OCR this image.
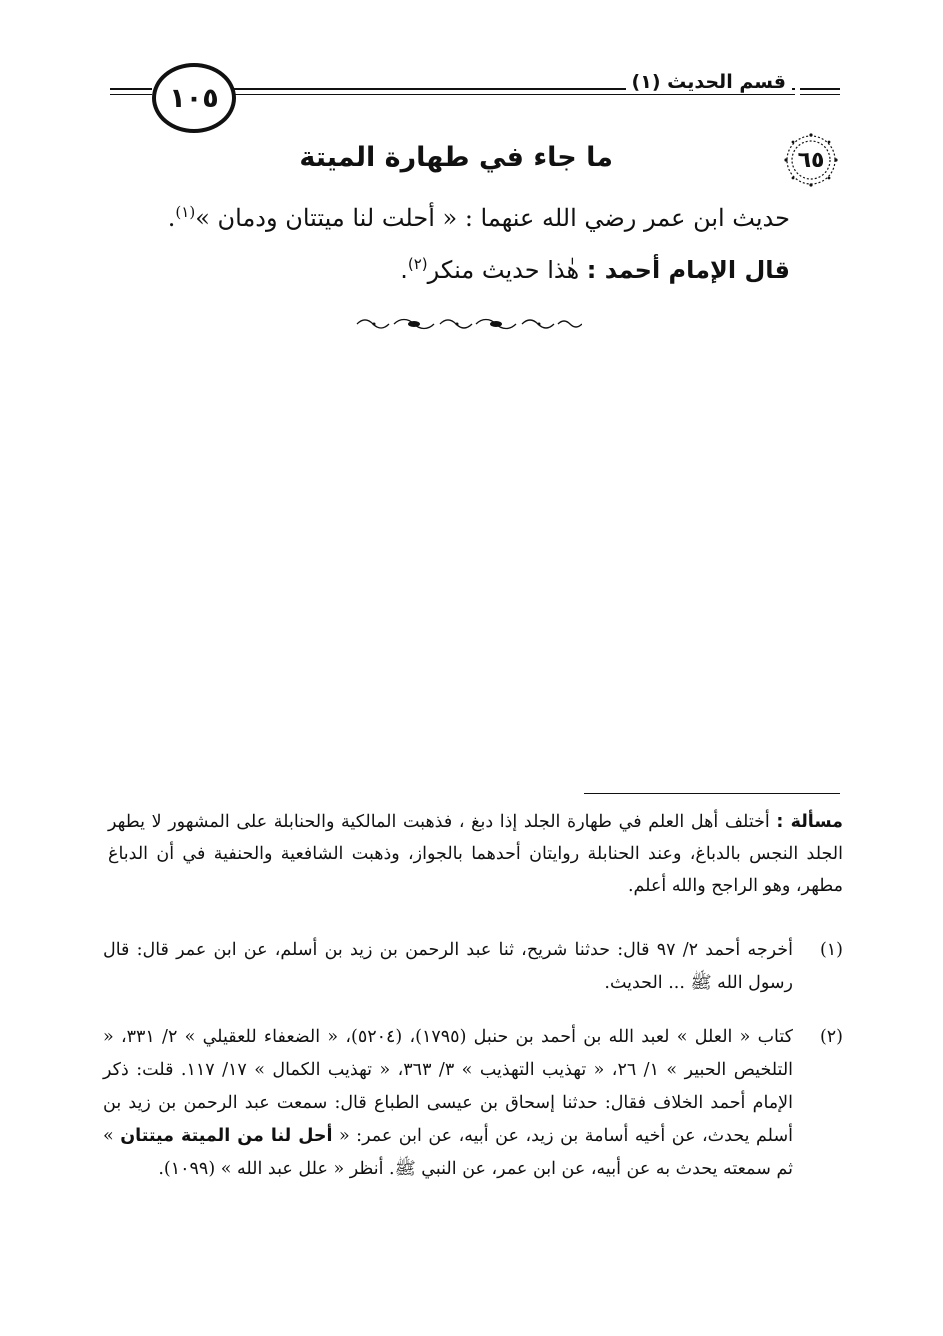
١٠٥
قسم الحديث (١)
٦٥
ما جاء في طهارة الميتة
حديث ابن عمر رضي الله عنهما : « أحلت لنا ميتتان ودمان »$^{(١)}$.
قال الإمام أحمد : هٰذا حديث منكر$^{(٢)}$.
مسألة : أختلف أهل العلم في طهارة الجلد إذا دبغ ، فذهبت المالكية والحنابلة على المشهور لا يطهر الجلد النجس بالدباغ، وعند الحنابلة روايتان أحدهما بالجواز، وذهبت الشافعية والحنفية في أن الدباغ مطهر، وهو الراجح والله أعلم.
(١)
أخرجه أحمد ٢/ ٩٧ قال: حدثنا شريح، ثنا عبد الرحمن بن زيد بن أسلم، عن ابن عمر قال: قال رسول الله ﷺ ... الحديث.
(٢)
كتاب « العلل » لعبد الله بن أحمد بن حنبل (١٧٩٥)، (٥٢٠٤)، « الضعفاء للعقيلي » ٢/ ٣٣١، « التلخيص الحبير » ١/ ٢٦، « تهذيب التهذيب » ٣/ ٣٦٣، « تهذيب الكمال » ١٧/ ١١٧. قلت: ذكر الإمام أحمد الخلاف فقال: حدثنا إسحاق بن عيسى الطباع قال: سمعت عبد الرحمن بن زيد بن أسلم يحدث، عن أخيه أسامة بن زيد، عن أبيه، عن ابن عمر: « أحل لنا من الميتة ميتتان » ثم سمعته يحدث به عن أبيه، عن ابن عمر، عن النبي ﷺ. أنظر « علل عبد الله » (١٠٩٩).
